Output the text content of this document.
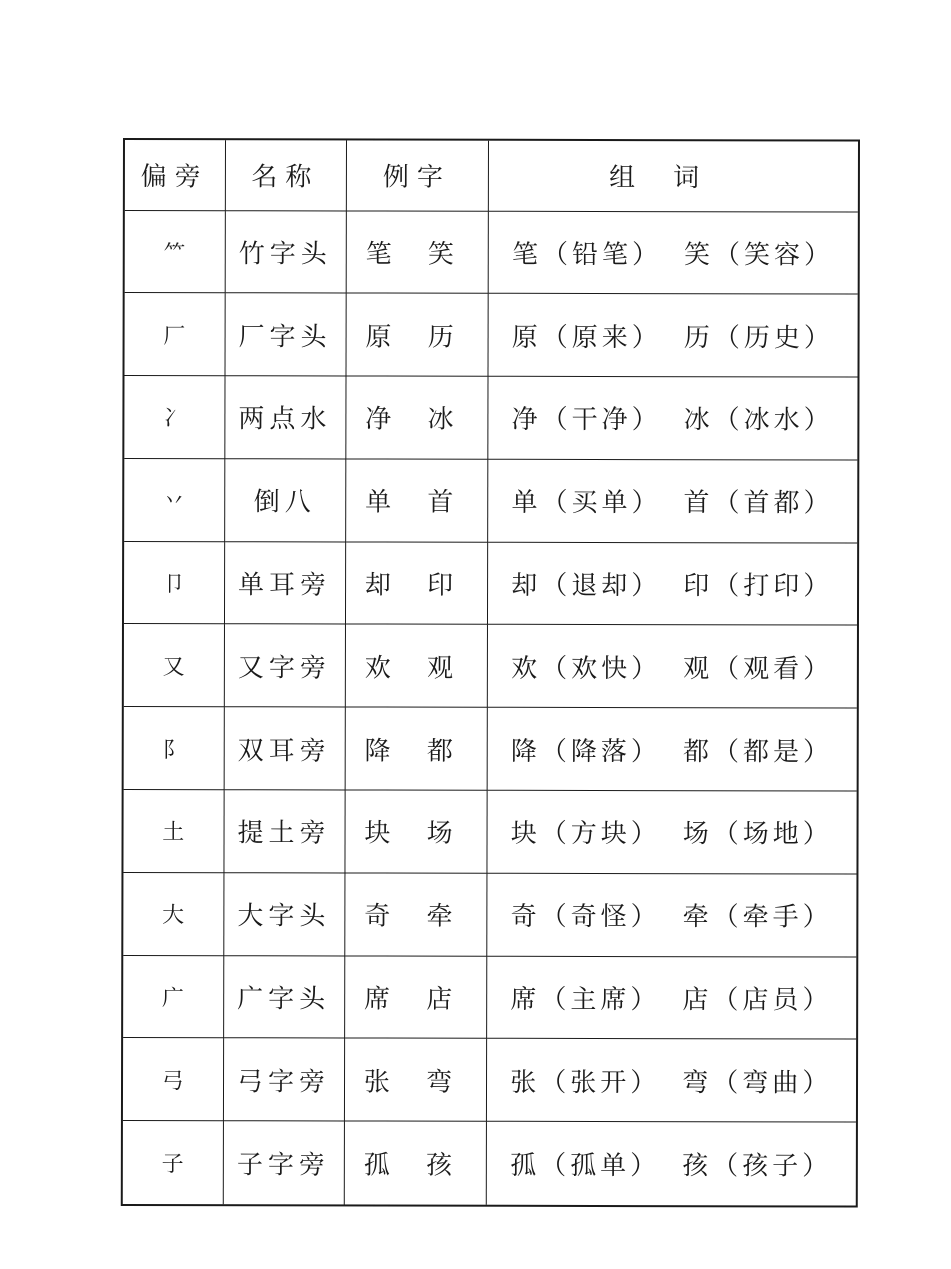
偏旁	名称	例字	组词
⺮	竹字头	笔 笑	笔（铅笔） 笑（笑容）
厂	厂字头	原 历	原（原来） 历（历史）
冫	两点水	净 冰	净（干净） 冰（冰水）
丷	倒八	单 首	单（买单） 首（首都）
卩	单耳旁	却 印	却（退却） 印（打印）
又	又字旁	欢 观	欢（欢快） 观（观看）
阝	双耳旁	降 都	降（降落） 都（都是）
土	提土旁	块 场	块（方块） 场（场地）
大	大字头	奇 牵	奇（奇怪） 牵（牵手）
广	广字头	席 店	席（主席） 店（店员）
弓	弓字旁	张 弯	张（张开） 弯（弯曲）
子	子字旁	孤 孩	孤（孤单） 孩（孩子）
